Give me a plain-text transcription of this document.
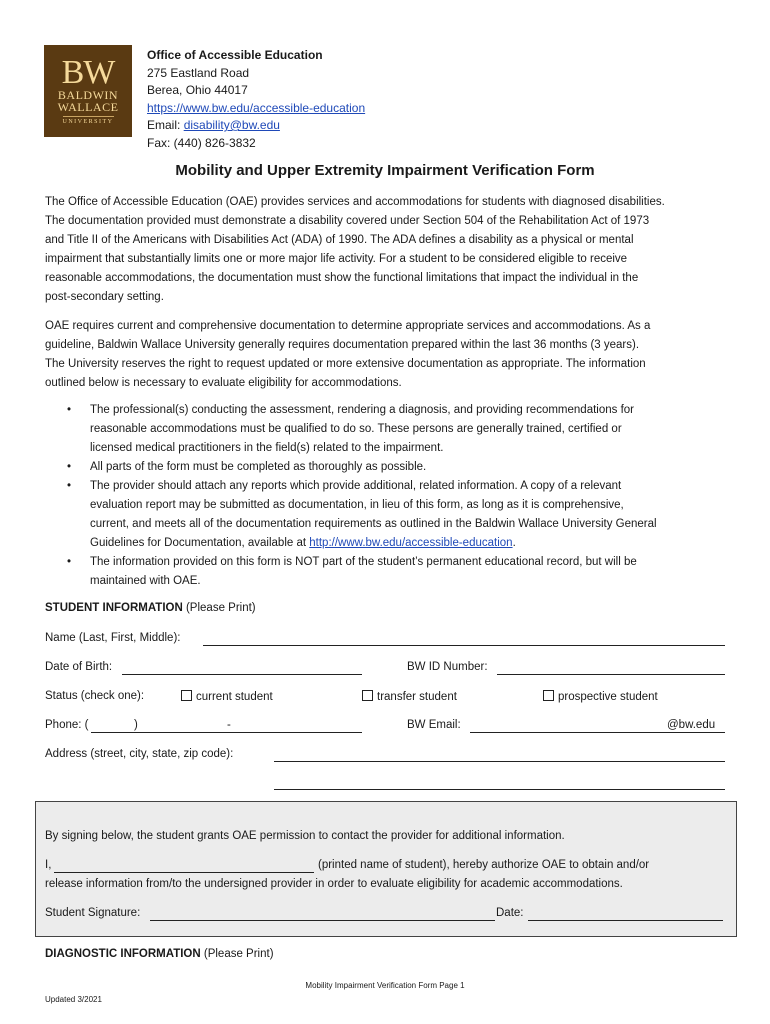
BW
BALDWIN
WALLACE
UNIVERSITY
Office of Accessible Education
275 Eastland Road
Berea, Ohio 44017
https://www.bw.edu/accessible-education
Email: disability@bw.edu
Fax: (440) 826-3832
Mobility and Upper Extremity Impairment Verification Form
The Office of Accessible Education (OAE) provides services and accommodations for students with diagnosed disabilities.
The documentation provided must demonstrate a disability covered under Section 504 of the Rehabilitation Act of 1973
and Title II of the Americans with Disabilities Act (ADA) of 1990. The ADA defines a disability as a physical or mental
impairment that substantially limits one or more major life activity. For a student to be considered eligible to receive
reasonable accommodations, the documentation must show the functional limitations that impact the individual in the
post-secondary setting.
OAE requires current and comprehensive documentation to determine appropriate services and accommodations. As a
guideline, Baldwin Wallace University generally requires documentation prepared within the last 36 months (3 years).
The University reserves the right to request updated or more extensive documentation as appropriate. The information
outlined below is necessary to evaluate eligibility for accommodations.
• The professional(s) conducting the assessment, rendering a diagnosis, and providing recommendations for
reasonable accommodations must be qualified to do so. These persons are generally trained, certified or
licensed medical practitioners in the field(s) related to the impairment.
• All parts of the form must be completed as thoroughly as possible.
• The provider should attach any reports which provide additional, related information. A copy of a relevant
evaluation report may be submitted as documentation, in lieu of this form, as long as it is comprehensive,
current, and meets all of the documentation requirements as outlined in the Baldwin Wallace University General
Guidelines for Documentation, available at http://www.bw.edu/accessible-education.
• The information provided on this form is NOT part of the student’s permanent educational record, but will be
maintained with OAE.
STUDENT INFORMATION (Please Print)
Name (Last, First, Middle):
Date of Birth:	BW ID Number:
Status (check one):	current student	transfer student	prospective student
Phone: (	)	-	BW Email:	@bw.edu
Address (street, city, state, zip code):
By signing below, the student grants OAE permission to contact the provider for additional information.
I,	(printed name of student), hereby authorize OAE to obtain and/or
release information from/to the undersigned provider in order to evaluate eligibility for academic accommodations.
Student Signature:	Date:
DIAGNOSTIC INFORMATION (Please Print)
Mobility Impairment Verification Form Page 1
Updated 3/2021
